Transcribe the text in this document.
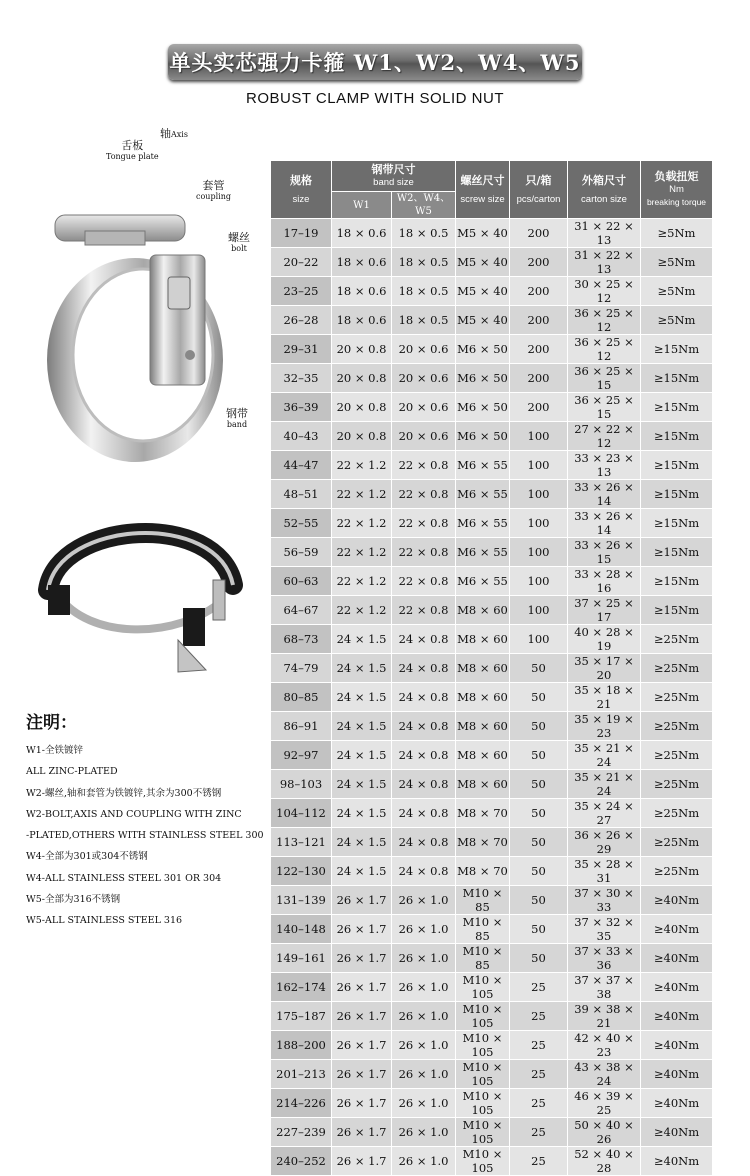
单头实芯强力卡箍 W1、W2、W4、W5
ROBUST CLAMP WITH SOLID NUT
舌板
Tongue plate
轴Axis
套管
coupling
螺丝
bolt
钢带
band
规格
size	钢带尺寸
band size		螺丝尺寸
screw size	只/箱
pcs/carton	外箱尺寸
carton size	负载扭矩
Nm
breaking torque

	W1	W2、W4、W5				
17–19	18 × 0.6	18 × 0.5	M5 × 40	200	31 × 22 × 13	≥5Nm
20–22	18 × 0.6	18 × 0.5	M5 × 40	200	31 × 22 × 13	≥5Nm
23–25	18 × 0.6	18 × 0.5	M5 × 40	200	30 × 25 × 12	≥5Nm
26–28	18 × 0.6	18 × 0.5	M5 × 40	200	36 × 25 × 12	≥5Nm
29–31	20 × 0.8	20 × 0.6	M6 × 50	200	36 × 25 × 12	≥15Nm
32–35	20 × 0.8	20 × 0.6	M6 × 50	200	36 × 25 × 15	≥15Nm
36–39	20 × 0.8	20 × 0.6	M6 × 50	200	36 × 25 × 15	≥15Nm
40–43	20 × 0.8	20 × 0.6	M6 × 50	100	27 × 22 × 12	≥15Nm
44–47	22 × 1.2	22 × 0.8	M6 × 55	100	33 × 23 × 13	≥15Nm
48–51	22 × 1.2	22 × 0.8	M6 × 55	100	33 × 26 × 14	≥15Nm
52–55	22 × 1.2	22 × 0.8	M6 × 55	100	33 × 26 × 14	≥15Nm
56–59	22 × 1.2	22 × 0.8	M6 × 55	100	33 × 26 × 15	≥15Nm
60–63	22 × 1.2	22 × 0.8	M6 × 55	100	33 × 28 × 16	≥15Nm
64–67	22 × 1.2	22 × 0.8	M8 × 60	100	37 × 25 × 17	≥15Nm
68–73	24 × 1.5	24 × 0.8	M8 × 60	100	40 × 28 × 19	≥25Nm
74–79	24 × 1.5	24 × 0.8	M8 × 60	50	35 × 17 × 20	≥25Nm
80–85	24 × 1.5	24 × 0.8	M8 × 60	50	35 × 18 × 21	≥25Nm
86–91	24 × 1.5	24 × 0.8	M8 × 60	50	35 × 19 × 23	≥25Nm
92–97	24 × 1.5	24 × 0.8	M8 × 60	50	35 × 21 × 24	≥25Nm
98–103	24 × 1.5	24 × 0.8	M8 × 60	50	35 × 21 × 24	≥25Nm
104–112	24 × 1.5	24 × 0.8	M8 × 70	50	35 × 24 × 27	≥25Nm
113–121	24 × 1.5	24 × 0.8	M8 × 70	50	36 × 26 × 29	≥25Nm
122–130	24 × 1.5	24 × 0.8	M8 × 70	50	35 × 28 × 31	≥25Nm
131–139	26 × 1.7	26 × 1.0	M10 × 85	50	37 × 30 × 33	≥40Nm
140–148	26 × 1.7	26 × 1.0	M10 × 85	50	37 × 32 × 35	≥40Nm
149–161	26 × 1.7	26 × 1.0	M10 × 85	50	37 × 33 × 36	≥40Nm
162–174	26 × 1.7	26 × 1.0	M10 × 105	25	37 × 37 × 38	≥40Nm
175–187	26 × 1.7	26 × 1.0	M10 × 105	25	39 × 38 × 21	≥40Nm
188–200	26 × 1.7	26 × 1.0	M10 × 105	25	42 × 40 × 23	≥40Nm
201–213	26 × 1.7	26 × 1.0	M10 × 105	25	43 × 38 × 24	≥40Nm
214–226	26 × 1.7	26 × 1.0	M10 × 105	25	46 × 39 × 25	≥40Nm
227–239	26 × 1.7	26 × 1.0	M10 × 105	25	50 × 40 × 26	≥40Nm
240–252	26 × 1.7	26 × 1.0	M10 × 105	25	52 × 40 × 28	≥40Nm
注明：
W1-全铁镀锌
ALL ZINC-PLATED
W2-螺丝,轴和套管为铁镀锌,其余为300不锈钢
W2-BOLT,AXIS AND COUPLING WITH ZINC
-PLATED,OTHERS WITH STAINLESS STEEL 300
W4-全部为301或304不锈钢
W4-ALL STAINLESS STEEL 301 OR 304
W5-全部为316不锈钢
W5-ALL STAINLESS STEEL 316
